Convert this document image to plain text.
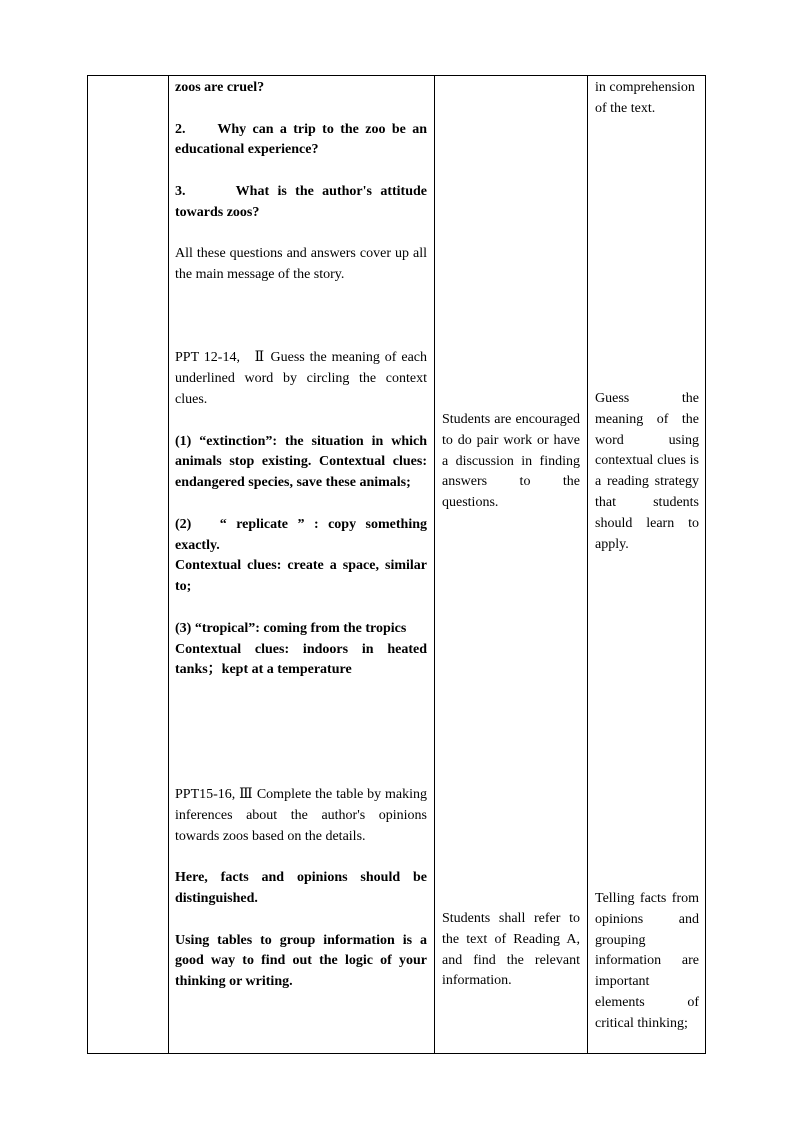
zoos are cruel?

2.     Why can a trip to the zoo be an educational experience?

3.      What is the author's attitude towards zoos?

All these questions and answers cover up all the main message of the story.

PPT 12-14,   Ⅱ Guess the meaning of each underlined word by circling the context clues.

(1) “extinction”: the situation in which animals stop existing. Contextual clues: endangered species, save these animals;

(2)   “ replicate ” : copy something exactly.

Contextual clues: create a space, similar to;

(3) “tropical”: coming from the tropics

Contextual clues: indoors in heated tanks；kept at a temperature

PPT15-16, Ⅲ Complete the table by making inferences about the author's opinions towards zoos based on the details.

Here, facts and opinions should be distinguished.

Using tables to group information is a good way to find out the logic of your thinking or writing.

Students are encouraged to do pair work or have a discussion in finding answers to the questions.

Students shall refer to the text of Reading A, and find the relevant information.

in comprehension of the text.

Guess the meaning of the word using contextual clues is a reading strategy that students should learn to apply.

Telling facts from opinions and grouping information are important elements of critical thinking;
